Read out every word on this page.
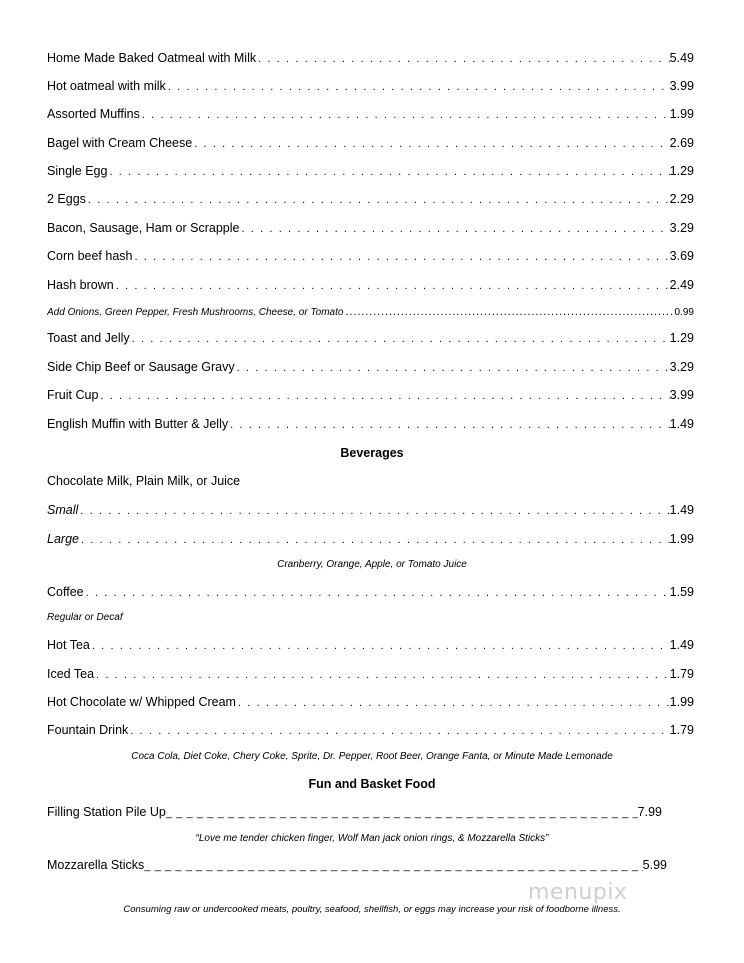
Home Made Baked Oatmeal with Milk . . .	5.49
Hot oatmeal with milk . . .	3.99
Assorted Muffins . . .	1.99
Bagel with Cream Cheese . . .	2.69
Single Egg . . .	1.29
2 Eggs . . .	2.29
Bacon, Sausage, Ham or Scrapple . . .	3.29
Corn beef hash . . .	3.69
Hash brown . . .	2.49
Add Onions, Green Pepper, Fresh Mushrooms, Cheese, or Tomato .....	0.99
Toast and Jelly . . .	1.29
Side Chip Beef or Sausage Gravy . . .	3.29
Fruit Cup . . .	3.99
English Muffin with Butter & Jelly . . .	1.49
Beverages
Chocolate Milk, Plain Milk, or Juice
Small . . .	1.49
Large . . .	1.99
Cranberry, Orange, Apple, or Tomato Juice
Coffee . . .	1.59
Regular or Decaf
Hot Tea . . .	1.49
Iced Tea . . .	1.79
Hot Chocolate w/ Whipped Cream . . .	1.99
Fountain Drink . . .	1.79
Coca Cola, Diet Coke, Chery Coke, Sprite, Dr. Pepper, Root Beer, Orange Fanta, or Minute Made Lemonade
Fun and Basket Food
Filling Station Pile Up _ _ _	7.99
“Love me tender chicken finger, Wolf Man jack onion rings, & Mozzarella Sticks”
Mozzarella Sticks _ _ _	5.99
menupix
Consuming raw or undercooked meats, poultry, seafood, shellfish, or eggs may increase your risk of foodborne illness.
